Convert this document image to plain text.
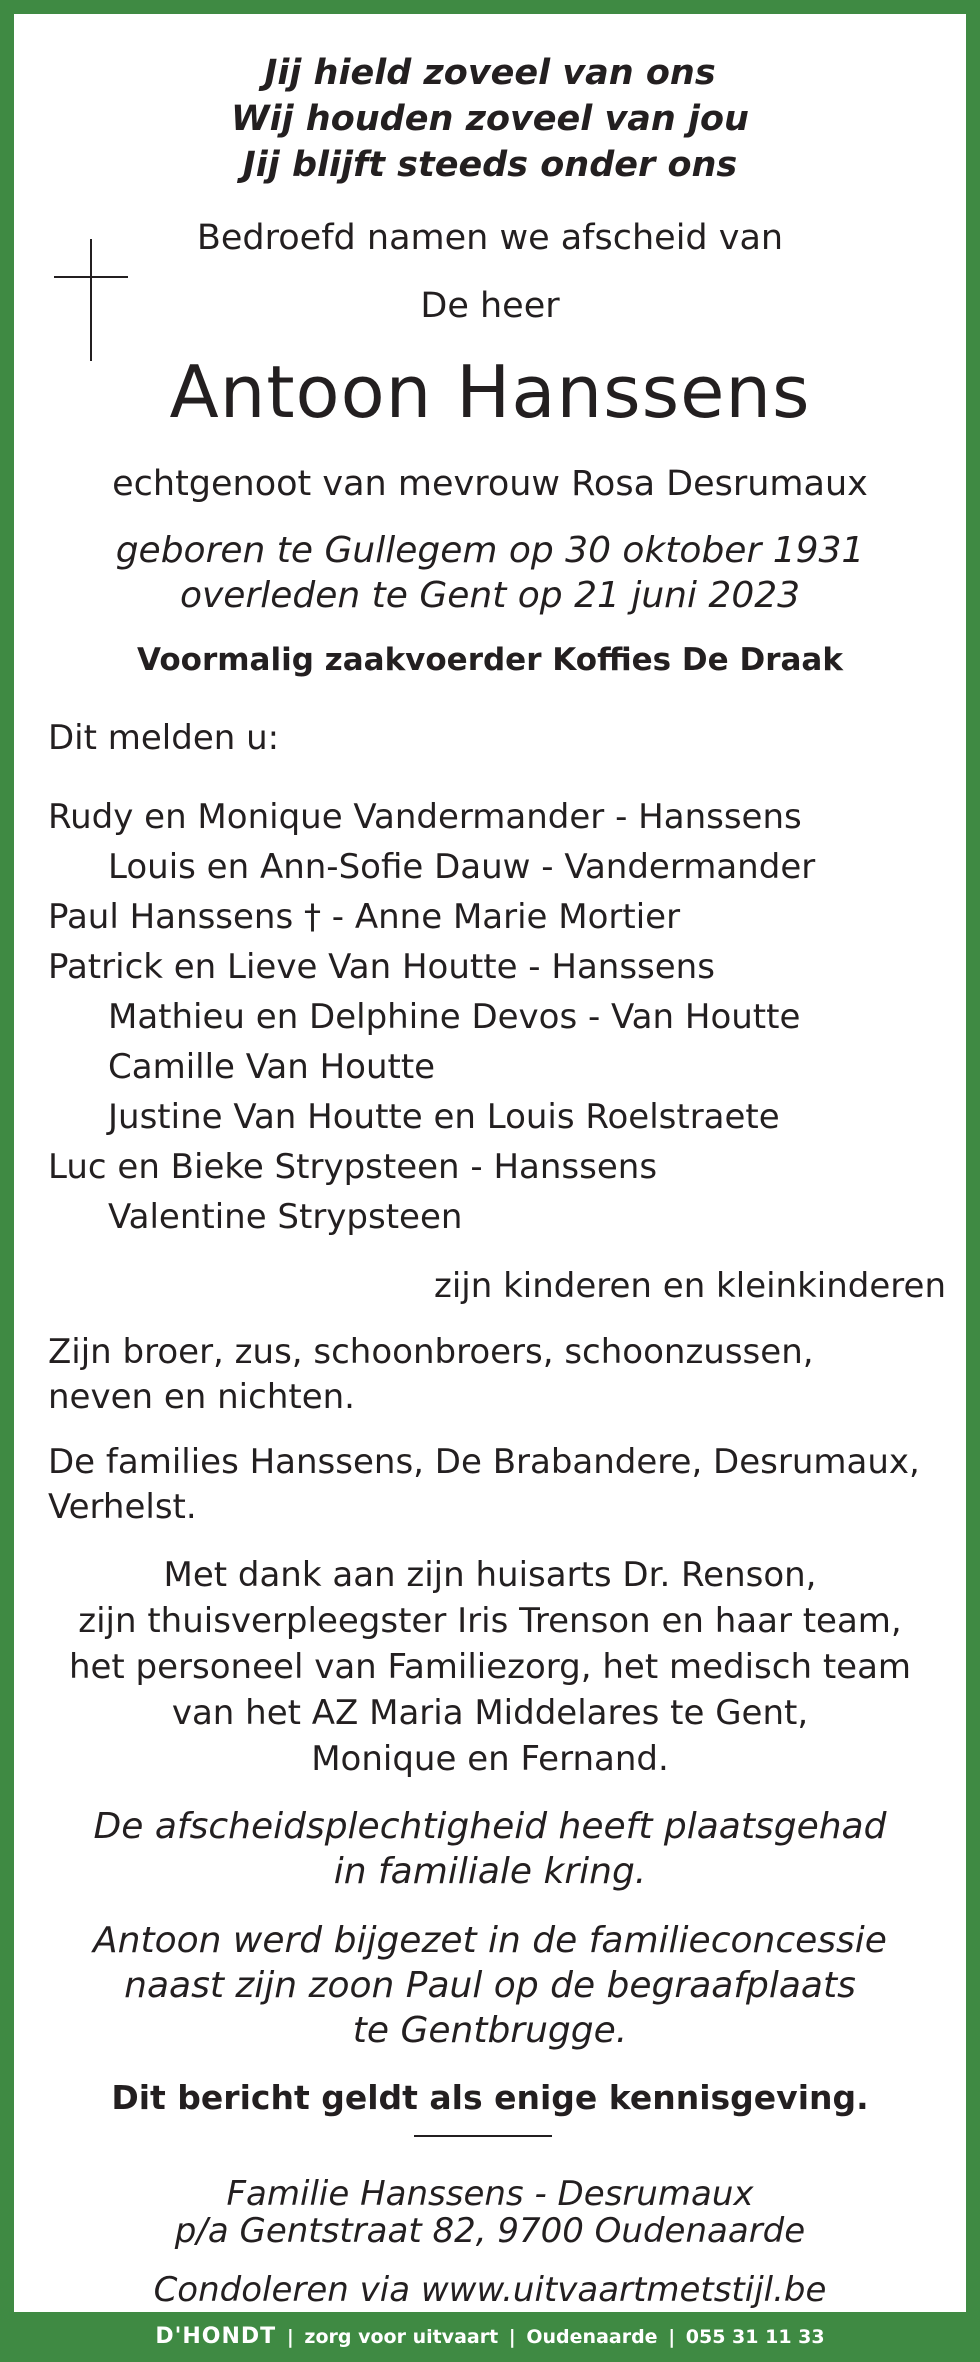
Jij hield zoveel van ons
Wij houden zoveel van jou
Jij blijft steeds onder ons
Bedroefd namen we afscheid van
De heer
Antoon Hanssens
echtgenoot van mevrouw Rosa Desrumaux
geboren te Gullegem op 30 oktober 1931
overleden te Gent op 21 juni 2023
Voormalig zaakvoerder Koffies De Draak
Dit melden u:
Rudy en Monique Vandermander - Hanssens
Louis en Ann-Sofie Dauw - Vandermander
Paul Hanssens † - Anne Marie Mortier
Patrick en Lieve Van Houtte - Hanssens
Mathieu en Delphine Devos - Van Houtte
Camille Van Houtte
Justine Van Houtte en Louis Roelstraete
Luc en Bieke Strypsteen - Hanssens
Valentine Strypsteen
zijn kinderen en kleinkinderen
Zijn broer, zus, schoonbroers, schoonzussen,
neven en nichten.
De families Hanssens, De Brabandere, Desrumaux,
Verhelst.
Met dank aan zijn huisarts Dr. Renson,
zijn thuisverpleegster Iris Trenson en haar team,
het personeel van Familiezorg, het medisch team
van het AZ Maria Middelares te Gent,
Monique en Fernand.
De afscheidsplechtigheid heeft plaatsgehad
in familiale kring.
Antoon werd bijgezet in de familieconcessie
naast zijn zoon Paul op de begraafplaats
te Gentbrugge.
Dit bericht geldt als enige kennisgeving.
Familie Hanssens - Desrumaux
p/a Gentstraat 82, 9700 Oudenaarde
Condoleren via www.uitvaartmetstijl.be
D'HONDT | zorg voor uitvaart | Oudenaarde | 055 31 11 33
